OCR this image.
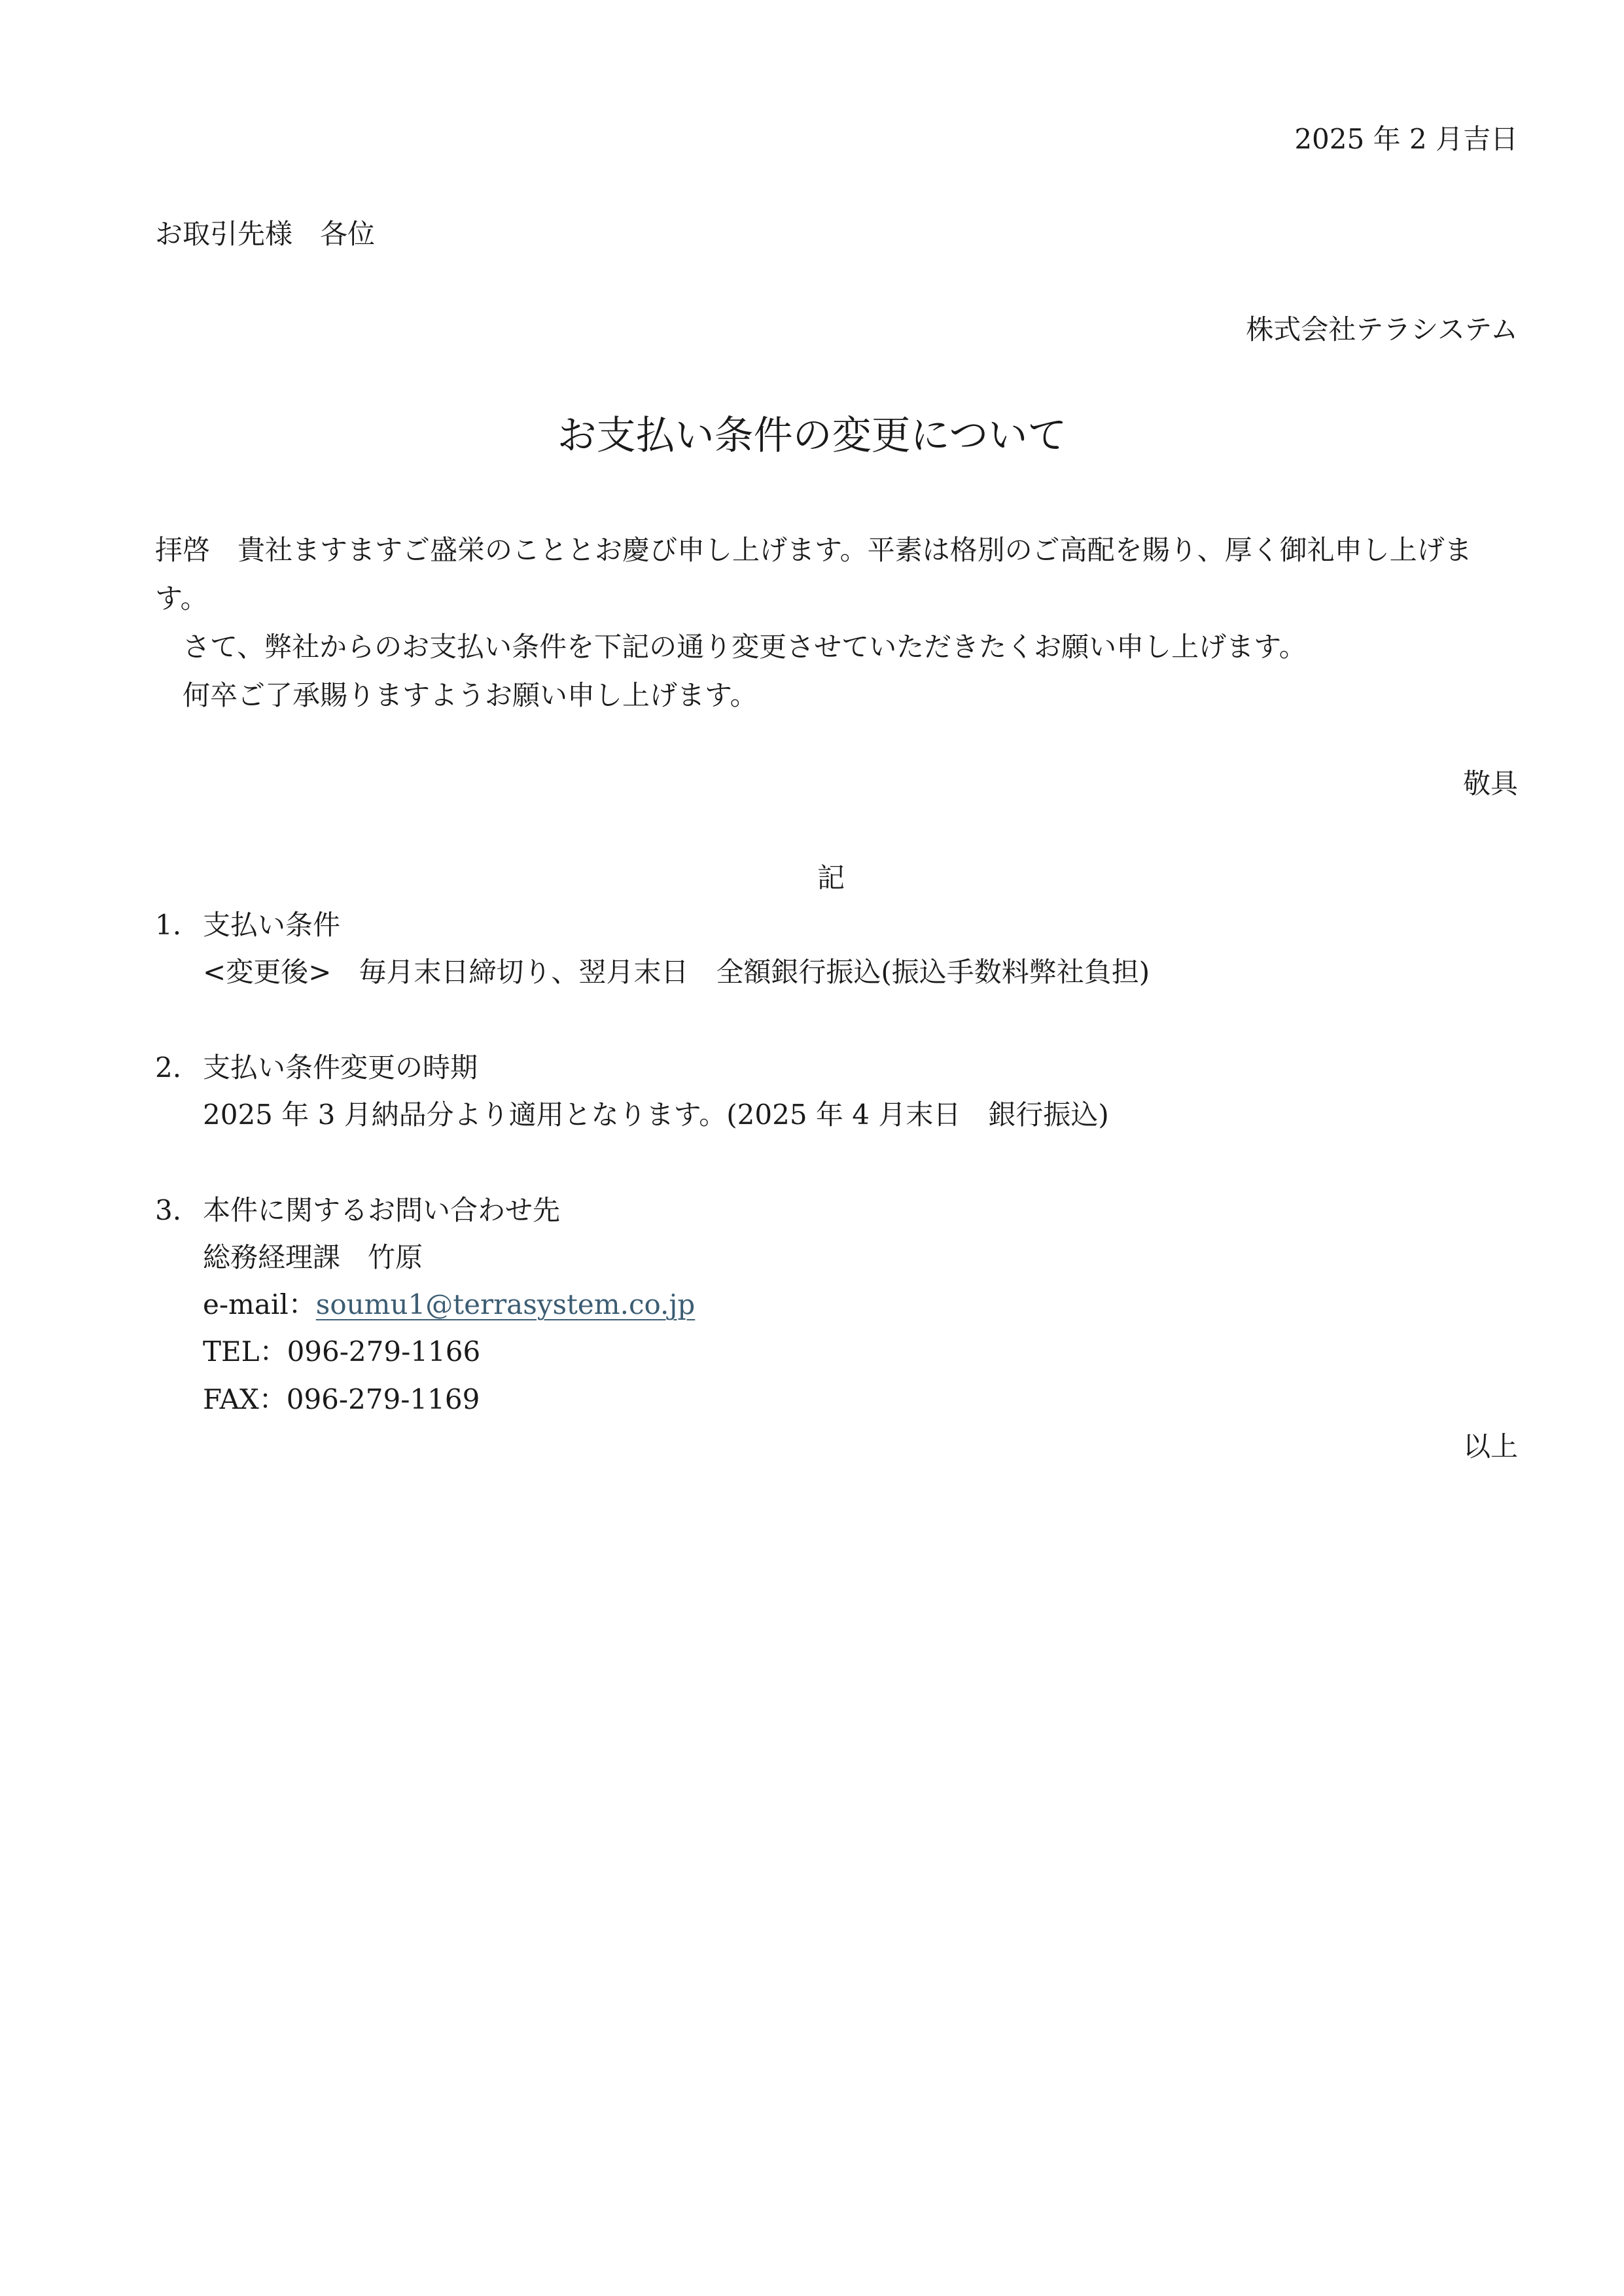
2025 年 2 月吉日
お取引先様　各位
株式会社テラシステム
お支払い条件の変更について
拝啓　貴社ますますご盛栄のこととお慶び申し上げます。平素は格別のご高配を賜り、厚く御礼申し上げま
す。
　さて、弊社からのお支払い条件を下記の通り変更させていただきたくお願い申し上げます。
　何卒ご了承賜りますようお願い申し上げます。
敬具
記
1. 支払い条件
<変更後>　毎月末日締切り、翌月末日　全額銀行振込(振込手数料弊社負担)
2. 支払い条件変更の時期
2025 年 3 月納品分より適用となります。(2025 年 4 月末日　銀行振込)
3. 本件に関するお問い合わせ先
総務経理課　竹原
e-mail：soumu1@terrasystem.co.jp
TEL：096-279-1166
FAX：096-279-1169
以上
